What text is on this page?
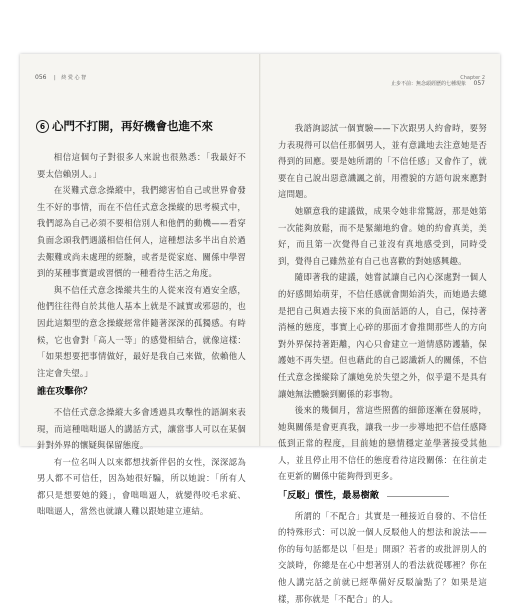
056 | 終 愛 心 智
6 心門不打開，再好機會也進不來

相信這個句子對很多人來說也很熟悉：「我最好不要太信賴別人。」

在災難式意念操縱中，我們總害怕自己或世界會發生不好的事情，而在不信任式意念操縱的思考模式中，我們認為自己必須不要相信別人和他們的動機——看穿負面念頭我們遇議相信任何人，這種想法多半出自於過去艱難或尚未處理的經驗，或者是從家庭、關係中學習到的某種事實還或習慣的一種看待生活之角度。

與不信任式意念操縱共生的人從來沒有過安全感，他們往往得自於其他人基本上就是不誠實或邪惡的，也因此這類型的意念操縱經常伴隨著深深的孤獨感。有時候，它也會對「高人一等」的感覺相結合，就像這樣：「如果想要把事情做好，最好是我自己來做，依賴他人注定會失望。」

誰在攻擊你？

不信任式意念操縱大多會透過具攻擊性的語調來表現，而這種咄咄逼人的講話方式，讓當事人可以在某個針對外界的懷疑與保留態度。

有一位名叫人以來都想找新伴侶的女性，深深認為男人都不可信任，因為她很好騙，所以她說：「所有人都只是想要她的錢」，會咄咄逼人，就變得咬毛求疵、咄咄逼人，當然也就讓人難以跟她建立連結。

Chapter 2
止步不前：無念頭經歷的七種現象 057

我諮詢認試一個實驗——下次跟男人約會時，要努力表現得可以信任那個男人，並有意識地去注意她是否得到的回應。要是她所謂的「不信任感」又會作了，就要在自己說出惡意譏諷之前，用禮貌的方語句說來應對這問題。

她願意我的建議做，成果令她非常驚訝，那是她第一次能夠放鬆，而不是緊繃地約會。她的約會真美，美好，而且第一次覺得自己並沒有真地感受到，同時受到，覺得自己雖然並有自己也喜歡的對她感興趣。

隨即著我的建議，她嘗試讓自己內心深處對一個人的好感開始萌芽，不信任感就會開始消失，而她過去總是把自己與過去接下來的負面話語的人，自己，保持著消極的態度，事實上心碎的那面才會推開那些人的方向對外界保持著距離，內心只會建立一道情感防護牆，保護她不再失望。但也藉此的自己認識新人的關係，不信任式意念操縱除了讓她免於失望之外，似乎還不是具有讓她無法體驗到關係的彩事物。

後來的幾個月，當這些照舊的細節逐漸在發展時，她與關係是會更真我，讓我一步一步導地把不信任感降低到正常的程度，目前她的戀情穩定並學著接受其他人，並且停止用不信任的態度看待這段關係：在往前走在更新的關係中能夠得到更多。

「反駁」慣性，最易樹敵

所謂的「不配合」其實是一種接近自發的、不信任的特殊形式：可以說一個人反駁他人的想法和說法——你的每句話都是以「但是」開頭？若者的或批評別人的交談時，你總是在心中想著別人的看法就從哪裡？你在他人講完話之前就已經準備好反駁論點了？如果是這樣，那你就是「不配合」的人。
